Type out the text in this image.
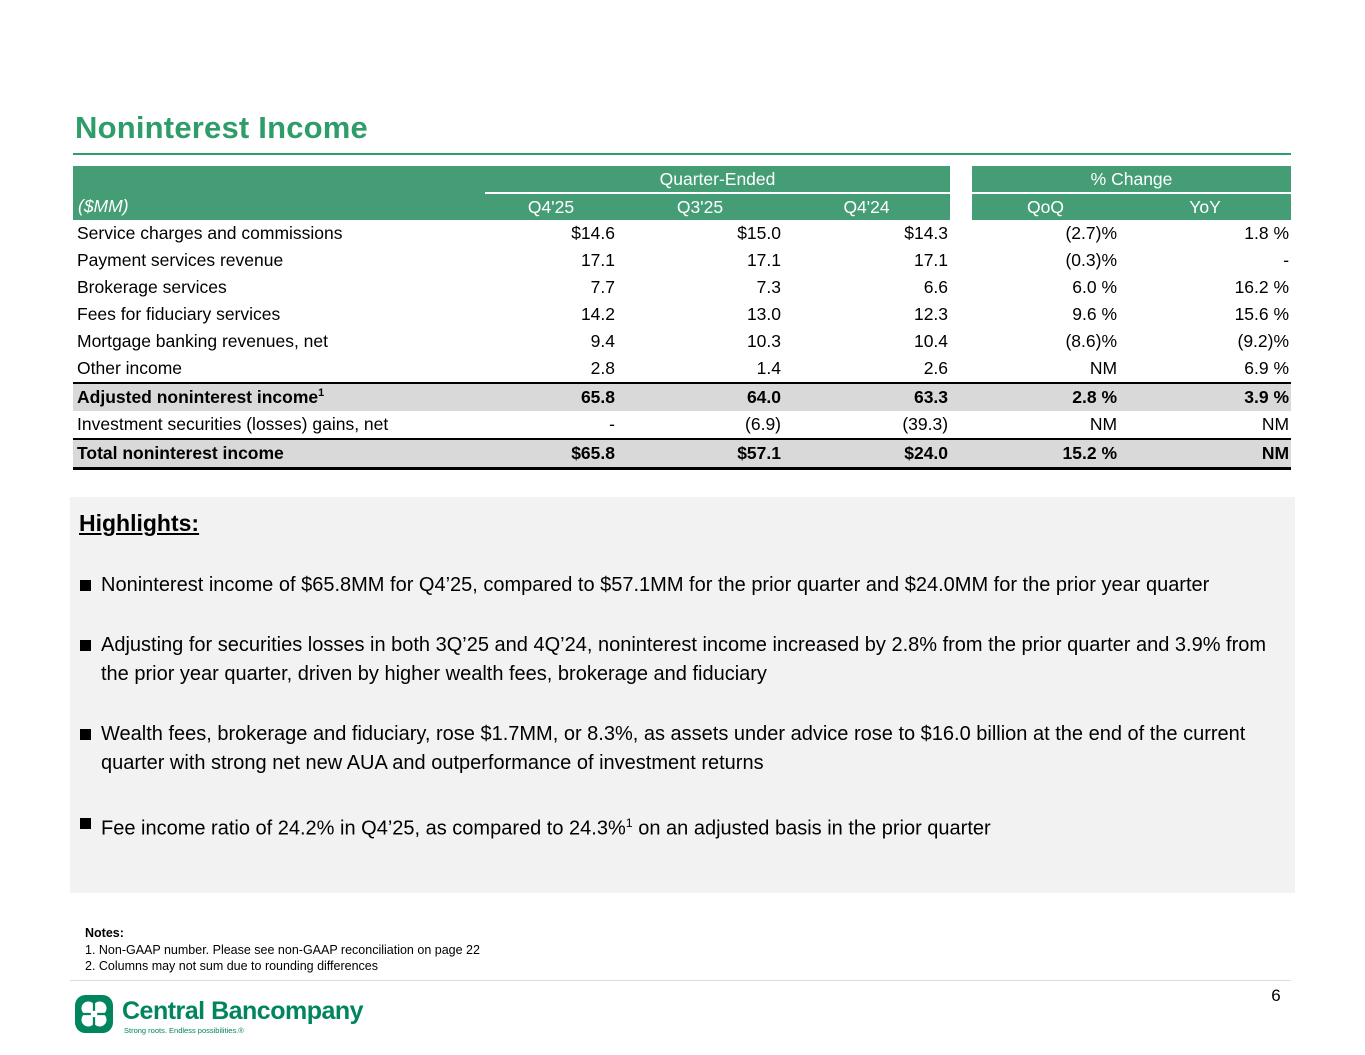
Noninterest Income
	Quarter-Ended				% Change	
($MM)	Q4'25	Q3'25	Q4'24		QoQ	YoY
Service charges and commissions	$14.6	$15.0	$14.3		(2.7)%	1.8 %
Payment services revenue	17.1	17.1	17.1		(0.3)%	-
Brokerage services	7.7	7.3	6.6		6.0 %	16.2 %
Fees for fiduciary services	14.2	13.0	12.3		9.6 %	15.6 %
Mortgage banking revenues, net	9.4	10.3	10.4		(8.6)%	(9.2)%
Other income	2.8	1.4	2.6		NM	6.9 %
Adjusted noninterest income$^1$	65.8	64.0	63.3		2.8 %	3.9 %
Investment securities (losses) gains, net	-	(6.9)	(39.3)		NM	NM
Total noninterest income	$65.8	$57.1	$24.0		15.2 %	NM
Highlights:
Noninterest income of $65.8MM for Q4’25, compared to $57.1MM for the prior quarter and $24.0MM for the prior year quarter
Adjusting for securities losses in both 3Q’25 and 4Q’24, noninterest income increased by 2.8% from the prior quarter and 3.9% from the prior year quarter, driven by higher wealth fees, brokerage and fiduciary
Wealth fees, brokerage and fiduciary, rose $1.7MM, or 8.3%, as assets under advice rose to $16.0 billion at the end of the current quarter with strong net new AUA and outperformance of investment returns
Fee income ratio of 24.2% in Q4’25, as compared to 24.3%$^1$ on an adjusted basis in the prior quarter
Notes:
1. Non-GAAP number. Please see non-GAAP reconciliation on page 22
2. Columns may not sum due to rounding differences
Central Bancompany
Strong roots. Endless possibilities.®
6
